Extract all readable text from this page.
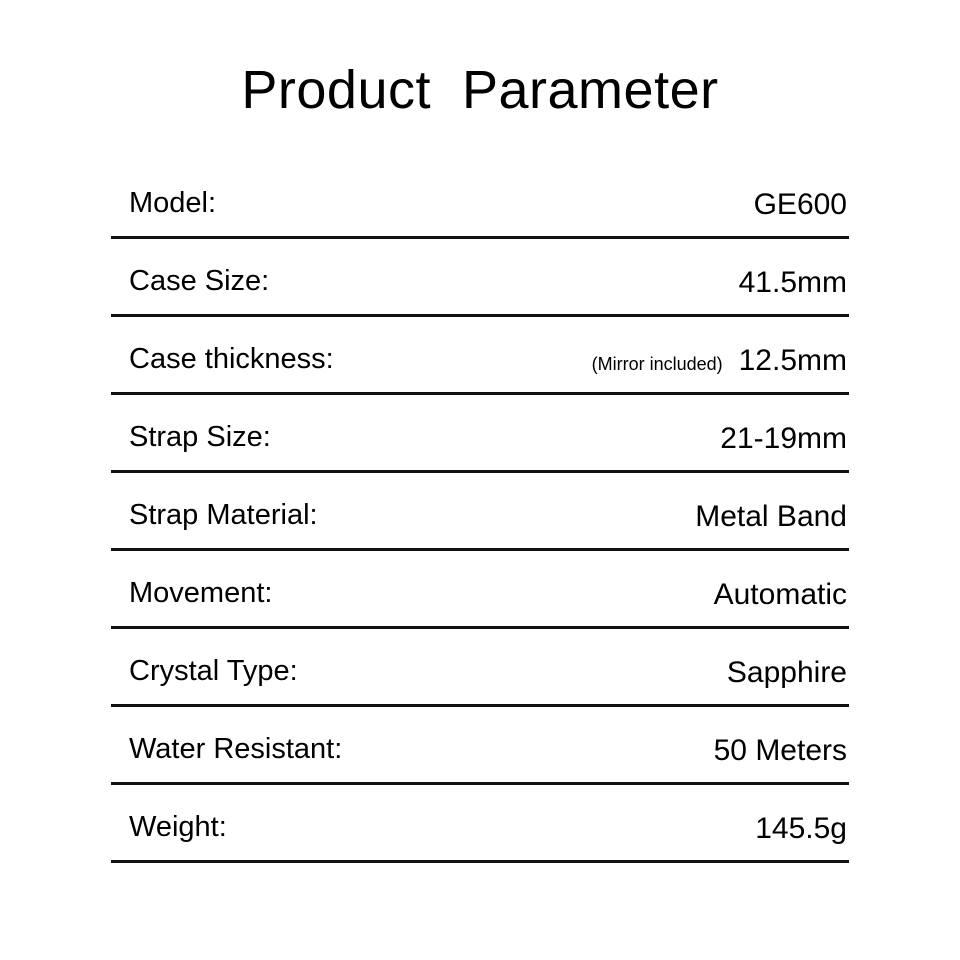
Product  Parameter
Model:	GE600
Case Size:	41.5mm
Case thickness:	(Mirror included) 12.5mm
Strap Size:	21-19mm
Strap Material:	Metal Band
Movement:	Automatic
Crystal Type:	Sapphire
Water Resistant:	50 Meters
Weight:	145.5g
